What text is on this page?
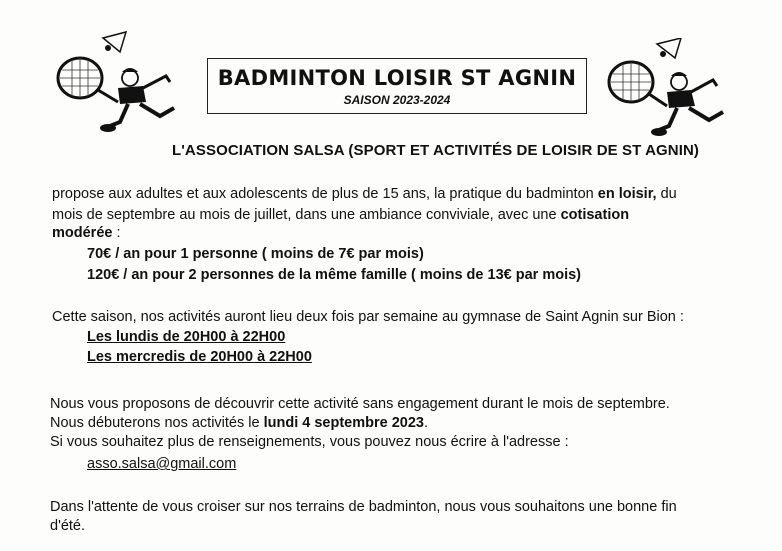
BADMINTON LOISIR ST AGNIN
SAISON 2023-2024
L'ASSOCIATION SALSA (SPORT ET ACTIVITÉS DE LOISIR DE ST AGNIN)
propose aux adultes et aux adolescents de plus de 15 ans, la pratique du badminton en loisir, du
mois de septembre au mois de juillet, dans une ambiance conviviale, avec une cotisation
modérée :
70€ / an pour 1 personne ( moins de 7€ par mois)
120€ / an pour 2 personnes de la même famille ( moins de 13€ par mois)
Cette saison, nos activités auront lieu deux fois par semaine au gymnase de Saint Agnin sur Bion :
Les lundis de 20H00 à 22H00
Les mercredis de 20H00 à 22H00
Nous vous proposons de découvrir cette activité sans engagement durant le mois de septembre.
Nous débuterons nos activités le lundi 4 septembre 2023.
Si vous souhaitez plus de renseignements, vous pouvez nous écrire à l'adresse :
asso.salsa@gmail.com
Dans l'attente de vous croiser sur nos terrains de badminton, nous vous souhaitons une bonne fin
d'été.
